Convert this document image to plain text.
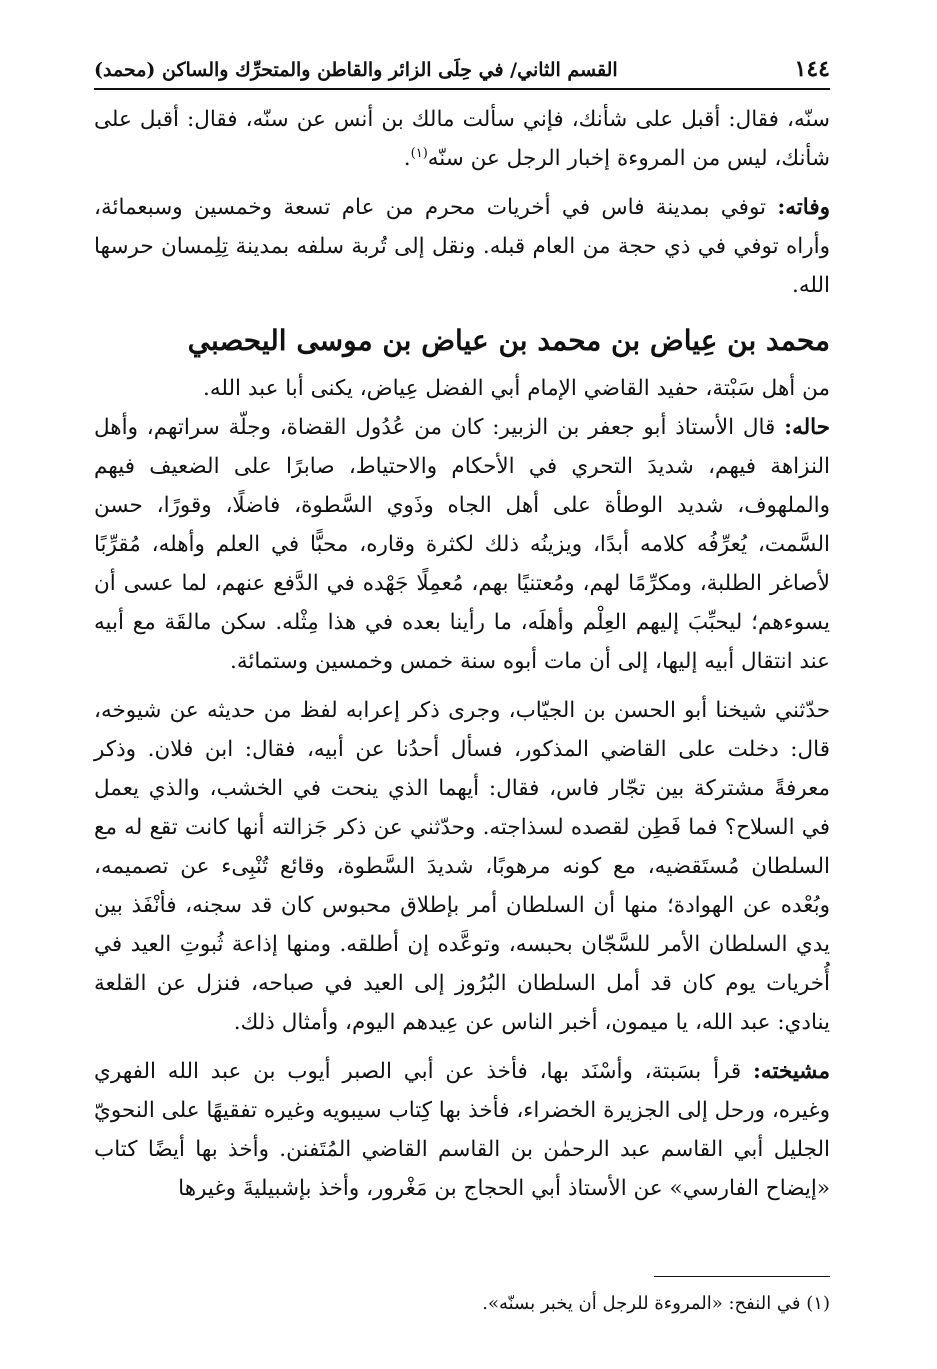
١٤٤
القسم الثاني/ في حِلَى الزائر والقاطن والمتحرِّك والساكن (محمد)

سنّه، فقال: أقبل على شأنك، فإني سألت مالك بن أنس عن سنّه، فقال: أقبل على شأنك، ليس من المروءة إخبار الرجل عن سنّه$^{(١)}$.

وفاته: توفي بمدينة فاس في أخريات محرم من عام تسعة وخمسين وسبعمائة، وأراه توفي في ذي حجة من العام قبله. ونقل إلى تُربة سلفه بمدينة تِلِمسان حرسها الله.

محمد بن عِياض بن محمد بن عياض بن موسى اليحصبي

من أهل سَبْتة، حفيد القاضي الإمام أبي الفضل عِياض، يكنى أبا عبد الله.

حاله: قال الأستاذ أبو جعفر بن الزبير: كان من عُدُول القضاة، وجلّة سراتهم، وأهل النزاهة فيهم، شديدَ التحري في الأحكام والاحتياط، صابرًا على الضعيف فيهم والملهوف، شديد الوطأة على أهل الجاه وذَوي السَّطوة، فاضلًا، وقورًا، حسن السَّمت، يُعرِّفُه كلامه أبدًا، ويزينُه ذلك لكثرة وقاره، محبًّا في العلم وأهله، مُقرِّبًا لأصاغر الطلبة، ومكرِّمًا لهم، ومُعتنيًا بهم، مُعمِلًا جَهْده في الدَّفع عنهم، لما عسى أن يسوءهم؛ ليحبِّبَ إليهم العِلْم وأهلَه، ما رأينا بعده في هذا مِثْله. سكن مالقَة مع أبيه عند انتقال أبيه إليها، إلى أن مات أبوه سنة خمس وخمسين وستمائة.

حدّثني شيخنا أبو الحسن بن الجيّاب، وجرى ذكر إعرابه لفظ من حديثه عن شيوخه، قال: دخلت على القاضي المذكور، فسأل أحدُنا عن أبيه، فقال: ابن فلان. وذكر معرفةً مشتركة بين تجّار فاس، فقال: أيهما الذي ينحت في الخشب، والذي يعمل في السلاح؟ فما فَطِن لقصده لسذاجته. وحدّثني عن ذكر جَزالته أنها كانت تقع له مع السلطان مُستَقضيه، مع كونه مرهوبًا، شديدَ السَّطوة، وقائع تُنْبِىء عن تصميمه، وبُعْده عن الهوادة؛ منها أن السلطان أمر بإطلاق محبوس كان قد سجنه، فأنْفَذ بين يدي السلطان الأمر للسَّجّان بحبسه، وتوعَّده إن أطلقه. ومنها إذاعة ثُبوتِ العيد في أُخريات يوم كان قد أمل السلطان البُرُوز إلى العيد في صباحه، فنزل عن القلعة ينادي: عبد الله، يا ميمون، أخبر الناس عن عِيدهم اليوم، وأمثال ذلك.

مشيخته: قرأ بسَبتة، وأسْنَد بها، فأخذ عن أبي الصبر أيوب بن عبد الله الفهري وغيره، ورحل إلى الجزيرة الخضراء، فأخذ بها كِتاب سيبويه وغيره تفقيهًا على النحويّ الجليل أبي القاسم عبد الرحمٰن بن القاسم القاضي المُتَفنن. وأخذ بها أيضًا كتاب «إيضاح الفارسي» عن الأستاذ أبي الحجاج بن مَغْرور، وأخذ بإشبيليةَ وغيرها

(١) في النفح: «المروءة للرجل أن يخبر بسنّه».
